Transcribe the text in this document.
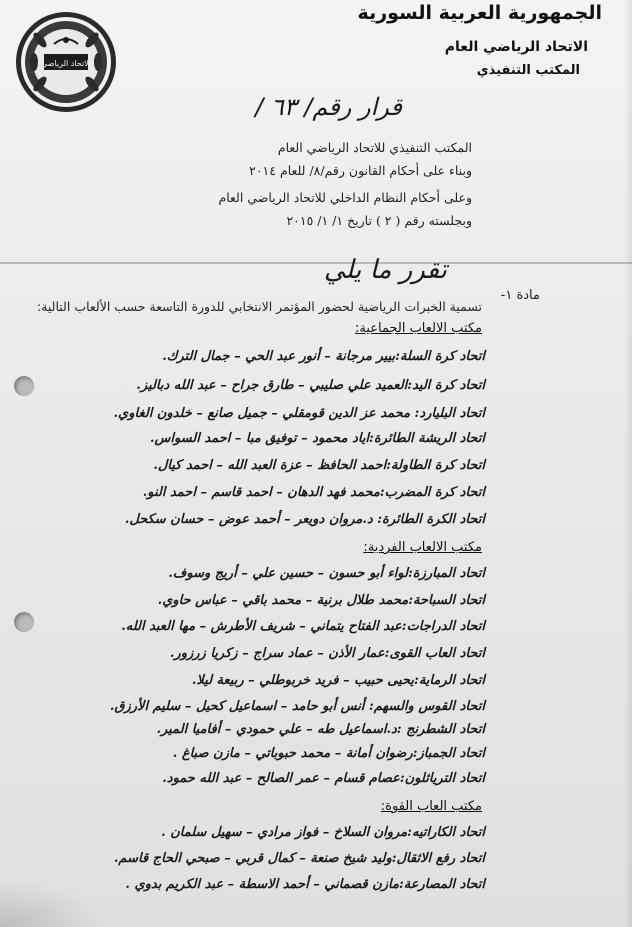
الاتحاد الرياضي
الجمهورية العربية السورية
الاتحاد الرياضي العام
المكتب التنفيذي
قرار رقم/ ٦٣ /
المكتب التنفيذي للاتحاد الرياضي العام
وبناء على أحكام القانون رقم/٨/ للعام ٢٠١٤
وعلى أحكام النظام الداخلي للاتحاد الرياضي العام
وبجلسته رقم ( ٢ ) تاريخ ١/ ١/ ٢٠١٥
تقرر ما يلي
مادة ١-
تسمية الخبرات الرياضية لحضور المؤتمر الانتخابي للدورة التاسعة حسب الألعاب التالية:
مكتب الالعاب الجماعية:
اتحاد كرة السلة:بيير مرجانة – أنور عبد الحي – جمال الترك.
اتحاد كرة اليد:العميد علي صليبي – طارق جراح – عبد الله دباليز.
اتحاد البليارد: محمد عز الدين قومقلي – جميل صانع – خلدون الغاوي.
اتحاد الريشة الطائرة:اياد محمود – توفيق مبا – احمد السواس.
اتحاد كرة الطاولة:احمد الحافظ – عزة العبد الله – احمد كيال.
اتحاد كرة المضرب:محمد فهد الدهان – احمد قاسم – احمد النو.
اتحاد الكرة الطائرة: د.مروان دويعر – أحمد عوض – حسان سكحل.
مكتب الالعاب الفردية:
اتحاد المبارزة:لواء أبو حسون – حسين علي – أريج وسوف.
اتحاد السباحة:محمد طلال برنية – محمد باقي – عباس حاوي.
اتحاد الدراجات:عبد الفتاح يتماني – شريف الأطرش – مها العبد الله.
اتحاد العاب القوى:عمار الأذن – عماد سراج – زكريا زرزور.
اتحاد الرماية:يحيى حبيب – فريد خربوطلي – ربيعة ليلا.
اتحاد القوس والسهم: أنس أبو حامد – اسماعيل كحيل – سليم الأرزق.
اتحاد الشطرنج :د.اسماعيل طه – علي حمودي – أفاميا المير.
اتحاد الجمباز:رضوان أمانة – محمد حبوباتي – مازن صباغ .
اتحاد الترياثلون:عصام قسام – عمر الصالح – عبد الله حمود.
مكتب العاب القوة:
اتحاد الكاراتيه:مروان السلاخ – فواز مرادي – سهيل سلمان .
اتحاد رفع الاثقال:وليد شيخ صنعة – كمال قربي – صبحي الحاج قاسم.
اتحاد المصارعة:مازن قصماني – أحمد الاسطة – عبد الكريم بدوي .
